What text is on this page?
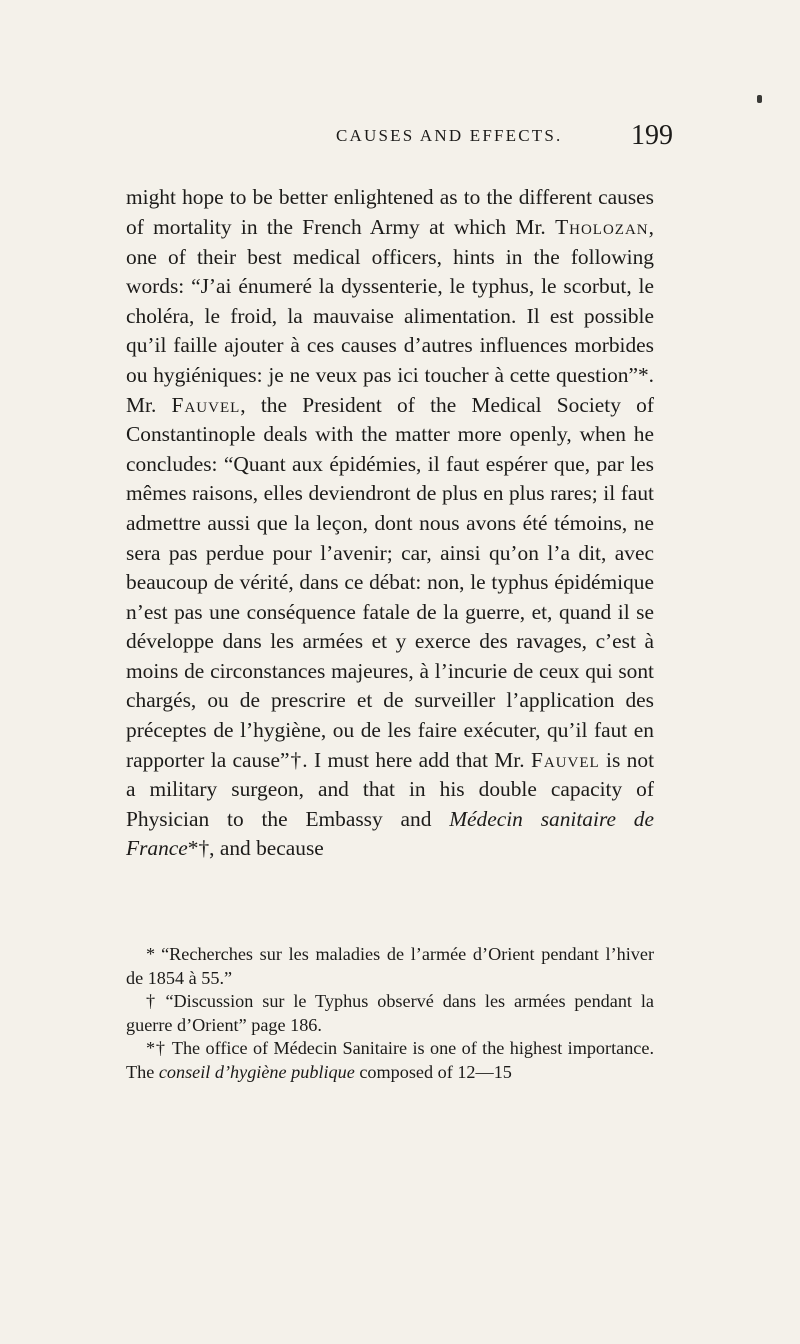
CAUSES AND EFFECTS. 199

might hope to be better enlightened as to the different causes of mortality in the French Army at which Mr. Tholozan, one of their best medical officers, hints in the following words: “J’ai énumeré la dyssenterie, le typhus, le scorbut, le choléra, le froid, la mauvaise alimentation. Il est possible qu’il faille ajouter à ces causes d’autres influences morbides ou hygiéniques: je ne veux pas ici toucher à cette question”*. Mr. Fauvel, the President of the Medical Society of Constantinople deals with the matter more openly, when he concludes: “Quant aux épidémies, il faut espérer que, par les mêmes raisons, elles deviendront de plus en plus rares; il faut admettre aussi que la leçon, dont nous avons été témoins, ne sera pas perdue pour l’avenir; car, ainsi qu’on l’a dit, avec beaucoup de vérité, dans ce débat: non, le typhus épidémique n’est pas une conséquence fatale de la guerre, et, quand il se développe dans les armées et y exerce des ravages, c’est à moins de circonstances majeures, à l’incurie de ceux qui sont chargés, ou de prescrire et de surveiller l’application des préceptes de l’hygiène, ou de les faire exécuter, qu’il faut en rapporter la cause”†. I must here add that Mr. Fauvel is not a military surgeon, and that in his double capacity of Physician to the Embassy and Médecin sanitaire de France*†, and because

* “Recherches sur les maladies de l’armée d’Orient pendant l’hiver de 1854 à 55.”

† “Discussion sur le Typhus observé dans les armées pendant la guerre d’Orient” page 186.

*† The office of Médecin Sanitaire is one of the highest importance. The conseil d’hygiène publique composed of 12—15
